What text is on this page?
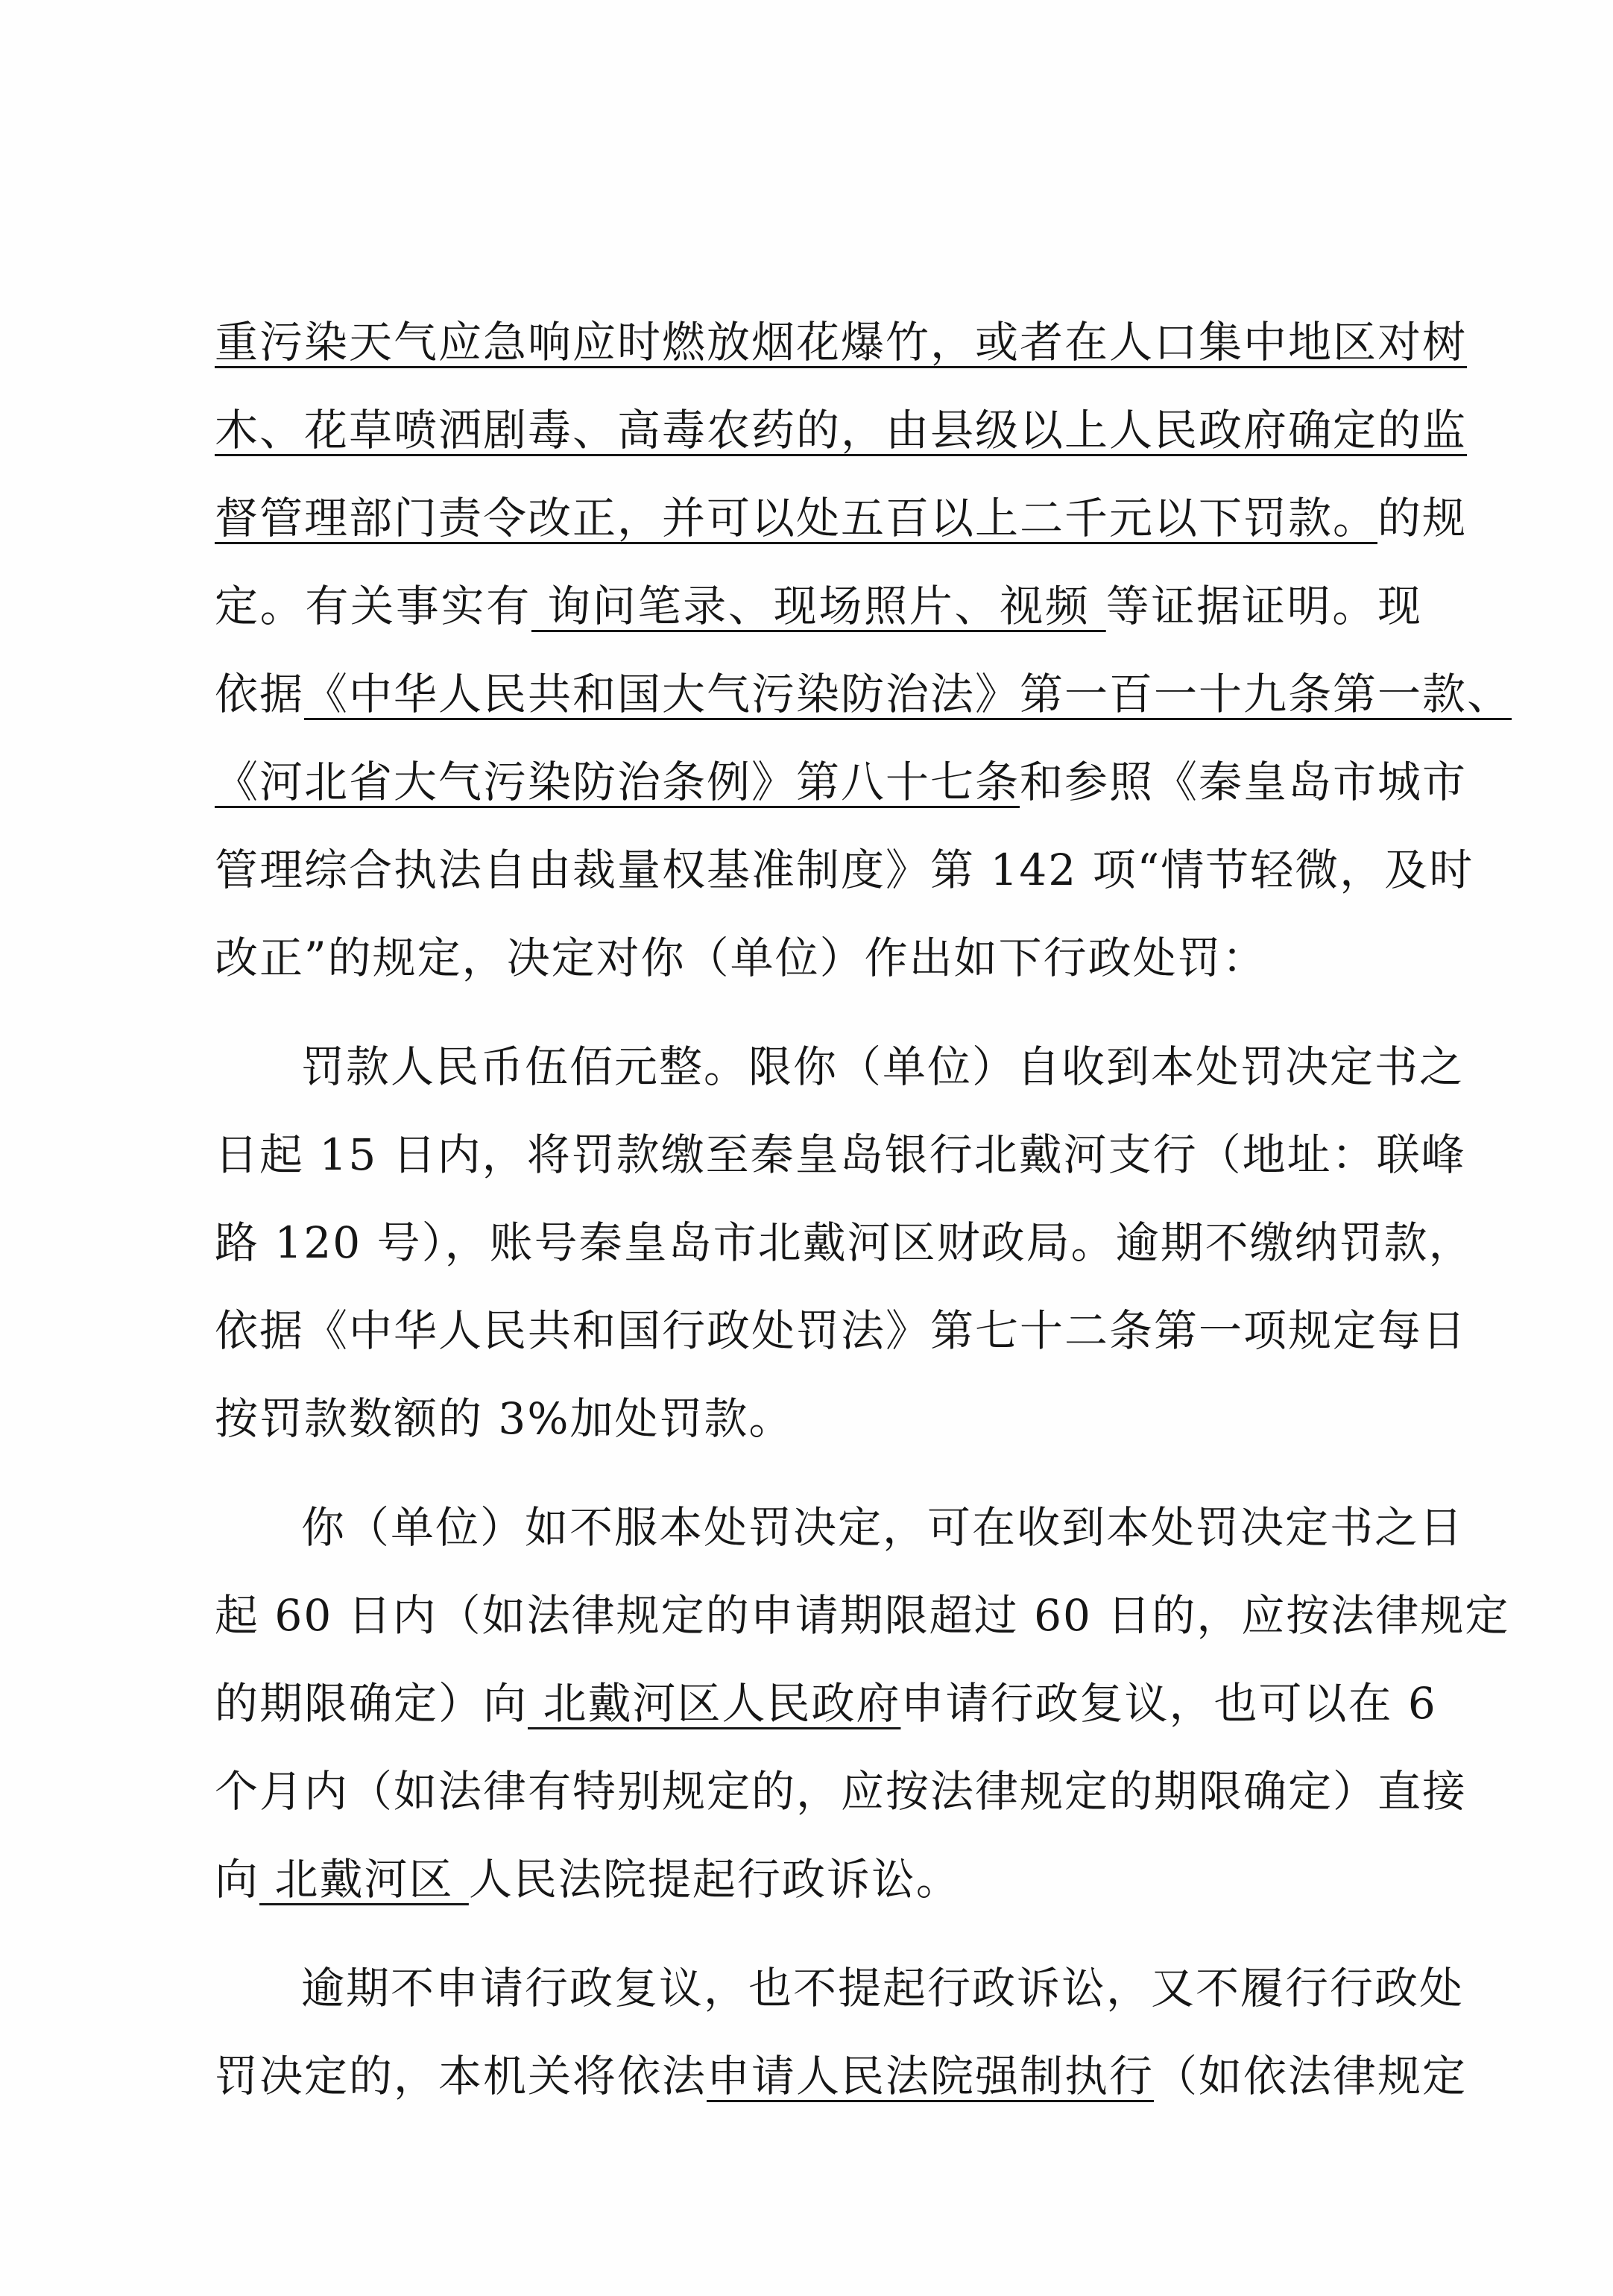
重污染天气应急响应时燃放烟花爆竹，或者在人口集中地区对树
木、花草喷洒剧毒、高毒农药的，由县级以上人民政府确定的监
督管理部门责令改正，并可以处五百以上二千元以下罚款。的规
定。有关事实有 询问笔录、现场照片、视频 等证据证明。现
依据《中华人民共和国大气污染防治法》第一百一十九条第一款、
《河北省大气污染防治条例》第八十七条和参照《秦皇岛市城市
管理综合执法自由裁量权基准制度》第 142 项“情节轻微，及时
改正”的规定，决定对你（单位）作出如下行政处罚：
罚款人民币伍佰元整。限你（单位）自收到本处罚决定书之
日起 15 日内，将罚款缴至秦皇岛银行北戴河支行（地址：联峰
路 120 号），账号秦皇岛市北戴河区财政局。逾期不缴纳罚款，
依据《中华人民共和国行政处罚法》第七十二条第一项规定每日
按罚款数额的 3%加处罚款。
你（单位）如不服本处罚决定，可在收到本处罚决定书之日
起 60 日内（如法律规定的申请期限超过 60 日的，应按法律规定
的期限确定）向 北戴河区人民政府申请行政复议，也可以在 6
个月内（如法律有特别规定的，应按法律规定的期限确定）直接
向 北戴河区 人民法院提起行政诉讼。
逾期不申请行政复议，也不提起行政诉讼，又不履行行政处
罚决定的，本机关将依法申请人民法院强制执行（如依法律规定
